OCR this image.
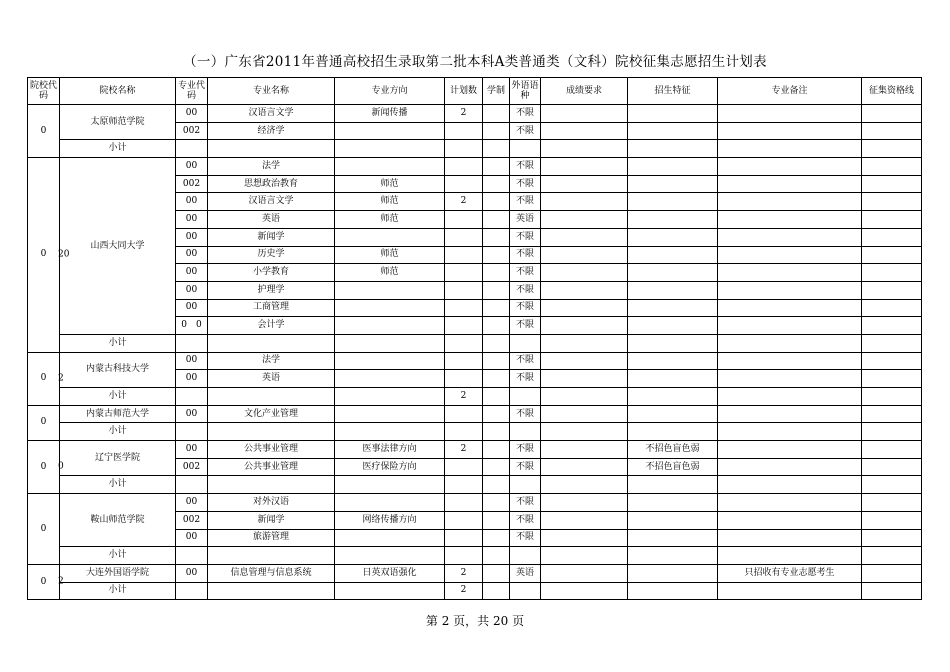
（一）广东省2011年普通高校招生录取第二批本科A类普通类（文科）院校征集志愿招生计划表
院校代码	院校名称	专业代码	专业名称	专业方向	计划数	学制	外语语种	成绩要求	招生特征	专业备注	征集资格线
0	太原师范学院	00	汉语言文学	新闻传播	2		不限				
		002	经济学				不限				
	小计										
0 20	山西大同大学	00	法学				不限				
		002	思想政治教育	师范			不限				
		00	汉语言文学	师范	2		不限				
		00	英语	师范			英语				
		00	新闻学				不限				
		00	历史学	师范			不限				
		00	小学教育	师范			不限				
		00	护理学				不限				
		00	工商管理				不限				
		0　0	会计学				不限				
	小计										
0 2	内蒙古科技大学	00	法学				不限				
		00	英语				不限				
	小计				2						
0	内蒙古师范大学	00	文化产业管理				不限				
	小计										
0 0	辽宁医学院	00	公共事业管理	医事法律方向	2		不限		不招色盲色弱		
		002	公共事业管理	医疗保险方向			不限		不招色盲色弱		
	小计										
0	鞍山师范学院	00	对外汉语				不限				
		002	新闻学	网络传播方向			不限				
		00	旅游管理				不限				
	小计										
0 2	大连外国语学院	00	信息管理与信息系统	日英双语强化	2		英语			只招收有专业志愿考生	
	小计				2						
第 2 页，共 20 页
